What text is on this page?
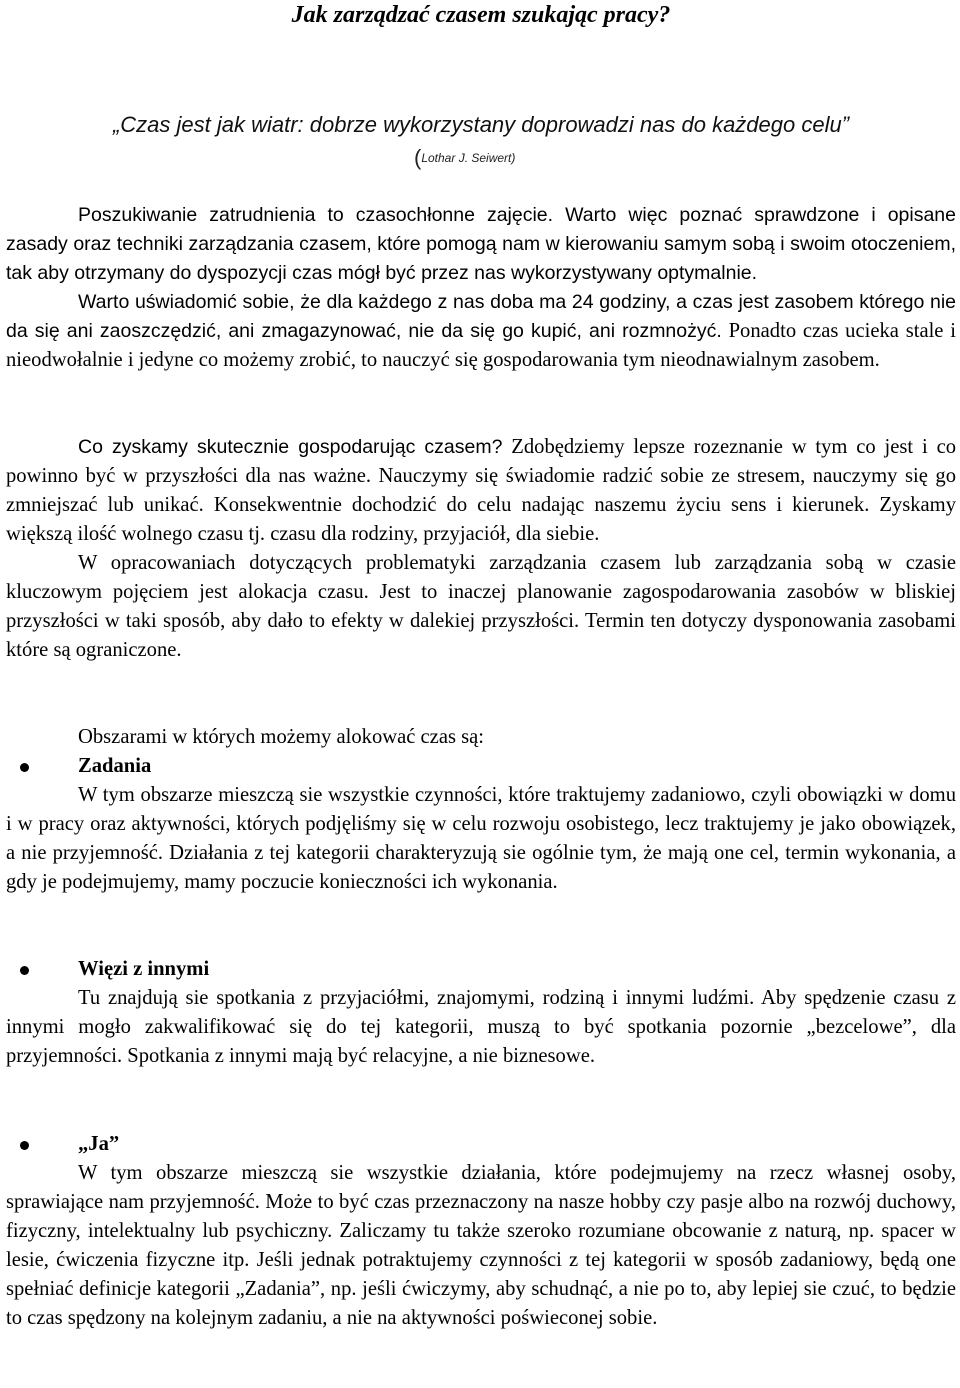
Jak zarządzać czasem szukając pracy?
„Czas jest jak wiatr: dobrze wykorzystany doprowadzi nas do każdego celu”
(Lothar J. Seiwert)

Poszukiwanie zatrudnienia to czasochłonne zajęcie. Warto więc poznać sprawdzone i opisane zasady oraz techniki zarządzania czasem, które pomogą nam w kierowaniu samym sobą i swoim otoczeniem, tak aby otrzymany do dyspozycji czas mógł być przez nas wykorzystywany optymalnie.

Warto uświadomić sobie, że dla każdego z nas doba ma 24 godziny, a czas jest zasobem którego nie da się ani zaoszczędzić, ani zmagazynować, nie da się go kupić, ani rozmnożyć. Ponadto czas ucieka stale i nieodwołalnie i jedyne co możemy zrobić, to nauczyć się gospodarowania tym nieodnawialnym zasobem.

Co zyskamy skutecznie gospodarując czasem? Zdobędziemy lepsze rozeznanie w tym co jest i co powinno być w przyszłości dla nas ważne. Nauczymy się świadomie radzić sobie ze stresem, nauczymy się go zmniejszać lub unikać. Konsekwentnie dochodzić do celu nadając naszemu życiu sens i kierunek. Zyskamy większą ilość wolnego czasu tj. czasu dla rodziny, przyjaciół, dla siebie.

W opracowaniach dotyczących problematyki zarządzania czasem lub zarządzania sobą w czasie kluczowym pojęciem jest alokacja czasu. Jest to inaczej planowanie zagospodarowania zasobów w bliskiej przyszłości w taki sposób, aby dało to efekty w dalekiej przyszłości. Termin ten dotyczy dysponowania zasobami które są ograniczone.

Obszarami w których możemy alokować czas są:

Zadania

W tym obszarze mieszczą sie wszystkie czynności, które traktujemy zadaniowo, czyli obowiązki w domu i w pracy oraz aktywności, których podjęliśmy się w celu rozwoju osobistego, lecz traktujemy je jako obowiązek, a nie przyjemność. Działania z tej kategorii charakteryzują sie ogólnie tym, że mają one cel, termin wykonania, a gdy je podejmujemy, mamy poczucie konieczności ich wykonania.

Więzi z innymi

Tu znajdują sie spotkania z przyjaciółmi, znajomymi, rodziną i innymi ludźmi. Aby spędzenie czasu z innymi mogło zakwalifikować się do tej kategorii, muszą to być spotkania pozornie „bezcelowe”, dla przyjemności. Spotkania z innymi mają być relacyjne, a nie biznesowe.

„Ja”

W tym obszarze mieszczą sie wszystkie działania, które podejmujemy na rzecz własnej osoby, sprawiające nam przyjemność. Może to być czas przeznaczony na nasze hobby czy pasje albo na rozwój duchowy, fizyczny, intelektualny lub psychiczny. Zaliczamy tu także szeroko rozumiane obcowanie z naturą, np. spacer w lesie, ćwiczenia fizyczne itp. Jeśli jednak potraktujemy czynności z tej kategorii w sposób zadaniowy, będą one spełniać definicje kategorii „Zadania”, np. jeśli ćwiczymy, aby schudnąć, a nie po to, aby lepiej sie czuć, to będzie to czas spędzony na kolejnym zadaniu, a nie na aktywności poświeconej sobie.
